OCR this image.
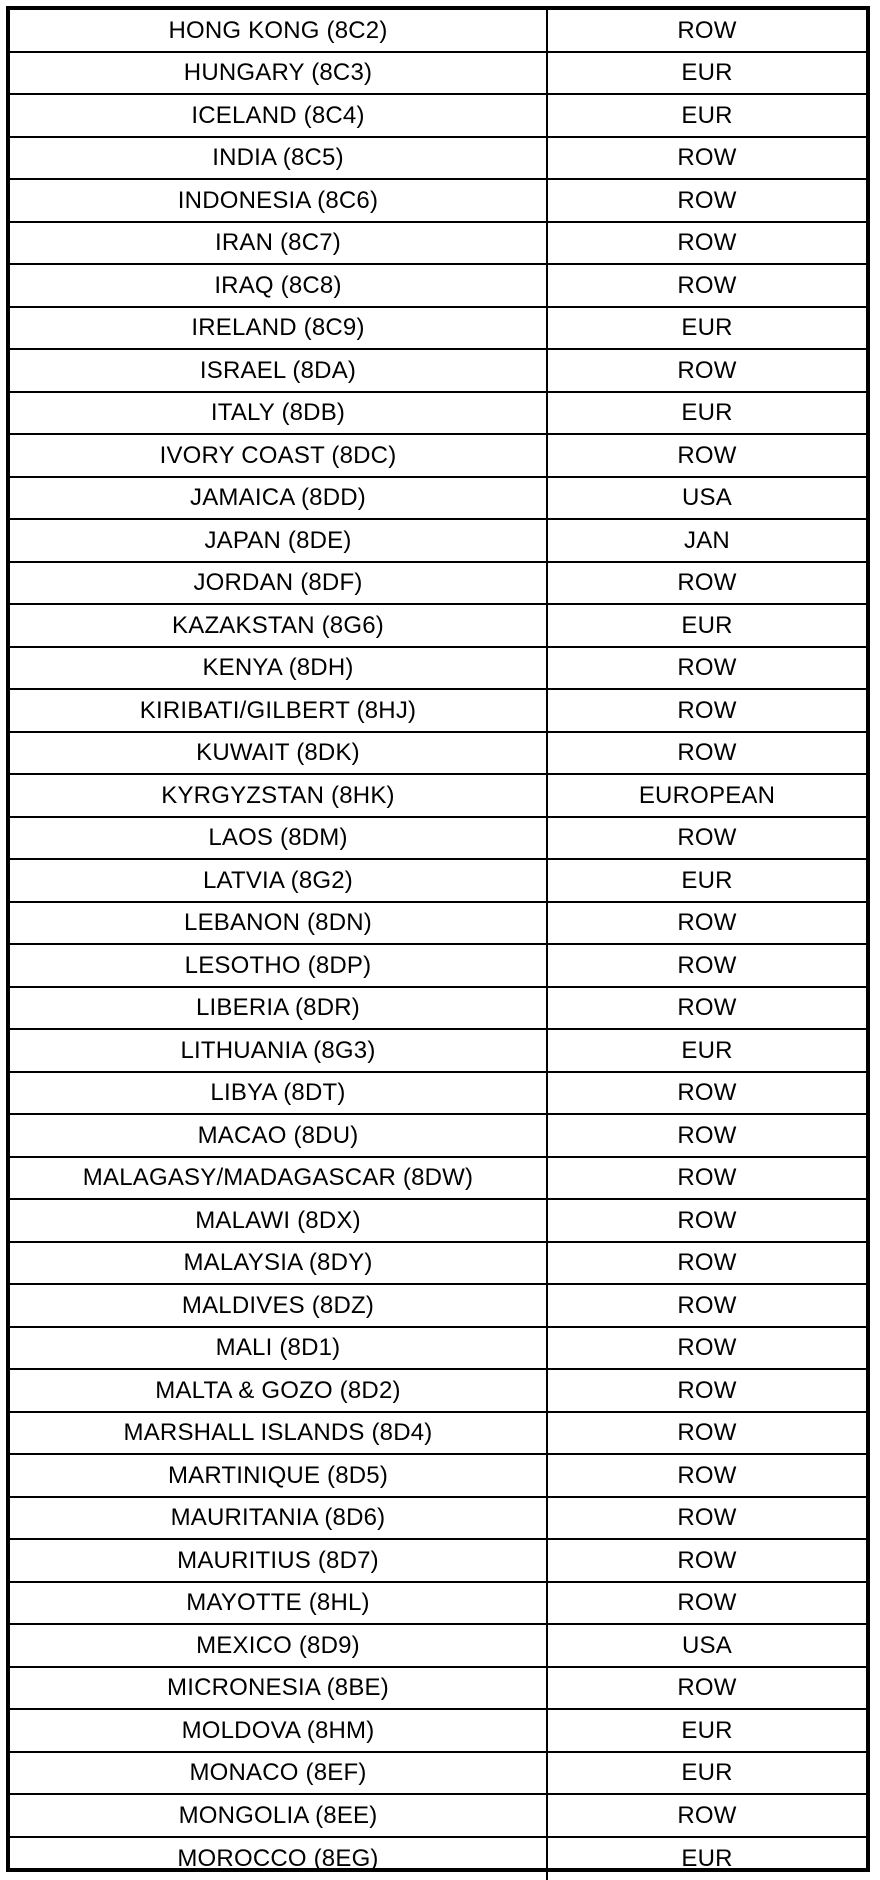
HONG KONG (8C2)	ROW
HUNGARY (8C3)	EUR
ICELAND (8C4)	EUR
INDIA (8C5)	ROW
INDONESIA (8C6)	ROW
IRAN (8C7)	ROW
IRAQ (8C8)	ROW
IRELAND (8C9)	EUR
ISRAEL (8DA)	ROW
ITALY (8DB)	EUR
IVORY COAST (8DC)	ROW
JAMAICA (8DD)	USA
JAPAN (8DE)	JAN
JORDAN (8DF)	ROW
KAZAKSTAN (8G6)	EUR
KENYA (8DH)	ROW
KIRIBATI/GILBERT (8HJ)	ROW
KUWAIT (8DK)	ROW
KYRGYZSTAN (8HK)	EUROPEAN
LAOS (8DM)	ROW
LATVIA (8G2)	EUR
LEBANON (8DN)	ROW
LESOTHO (8DP)	ROW
LIBERIA (8DR)	ROW
LITHUANIA (8G3)	EUR
LIBYA (8DT)	ROW
MACAO (8DU)	ROW
MALAGASY/MADAGASCAR (8DW)	ROW
MALAWI (8DX)	ROW
MALAYSIA (8DY)	ROW
MALDIVES (8DZ)	ROW
MALI (8D1)	ROW
MALTA & GOZO (8D2)	ROW
MARSHALL ISLANDS (8D4)	ROW
MARTINIQUE (8D5)	ROW
MAURITANIA (8D6)	ROW
MAURITIUS (8D7)	ROW
MAYOTTE (8HL)	ROW
MEXICO (8D9)	USA
MICRONESIA (8BE)	ROW
MOLDOVA (8HM)	EUR
MONACO (8EF)	EUR
MONGOLIA (8EE)	ROW
MOROCCO (8EG)	EUR
